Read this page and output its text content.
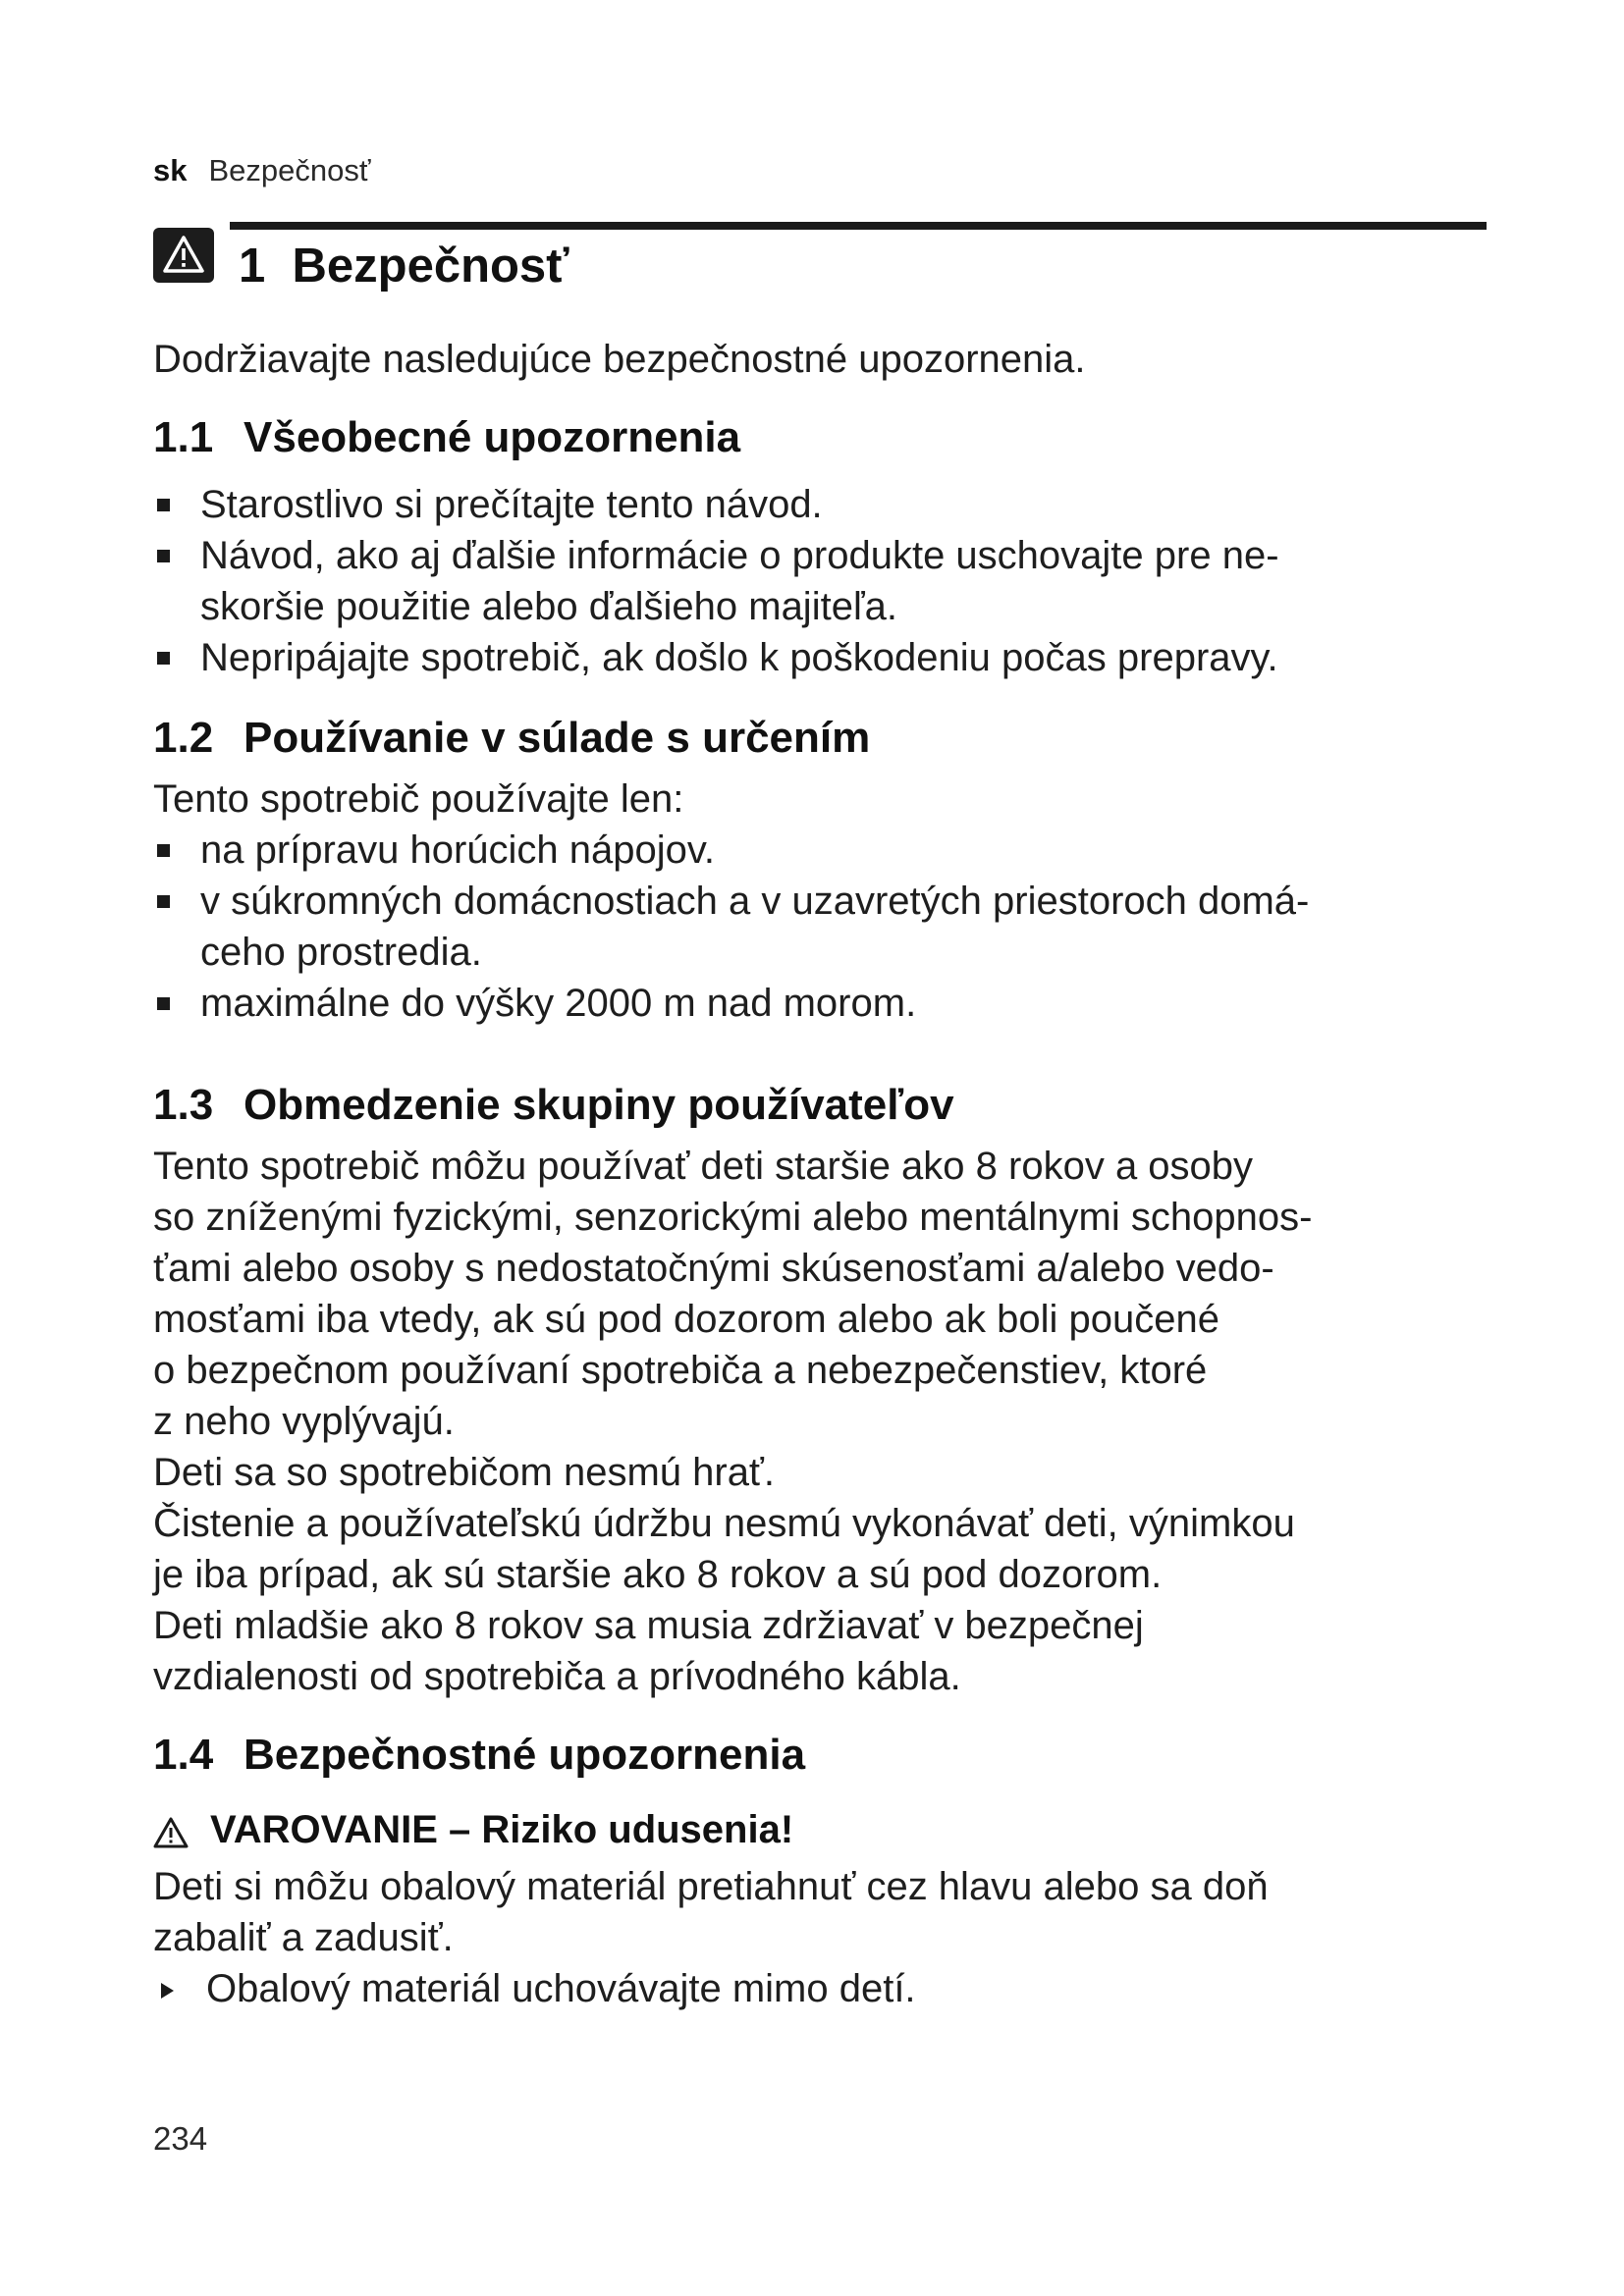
sk Bezpečnosť
1 Bezpečnosť

Dodržiavajte nasledujúce bezpečnostné upozornenia.

1.1 Všeobecné upozornenia
Starostlivo si prečítajte tento návod.
Návod, ako aj ďalšie informácie o produkte uschovajte pre ne-
skoršie použitie alebo ďalšieho majiteľa.
Nepripájajte spotrebič, ak došlo k poškodeniu počas prepravy.
1.2 Používanie v súlade s určením

Tento spotrebič používajte len:

na prípravu horúcich nápojov.
v súkromných domácnostiach a v uzavretých priestoroch domá-
ceho prostredia.
maximálne do výšky 2000 m nad morom.
1.3 Obmedzenie skupiny používateľov

Tento spotrebič môžu používať deti staršie ako 8 rokov a osoby

so zníženými fyzickými, senzorickými alebo mentálnymi schopnos-

ťami alebo osoby s nedostatočnými skúsenosťami a/alebo vedo-

mosťami iba vtedy, ak sú pod dozorom alebo ak boli poučené

o bezpečnom používaní spotrebiča a nebezpečenstiev, ktoré

z neho vyplývajú.

Deti sa so spotrebičom nesmú hrať.

Čistenie a používateľskú údržbu nesmú vykonávať deti, výnimkou

je iba prípad, ak sú staršie ako 8 rokov a sú pod dozorom.

Deti mladšie ako 8 rokov sa musia zdržiavať v bezpečnej

vzdialenosti od spotrebiča a prívodného kábla.

1.4 Bezpečnostné upozornenia
VAROVANIE – Riziko udusenia!

Deti si môžu obalový materiál pretiahnuť cez hlavu alebo sa doň

zabaliť a zadusiť.

Obalový materiál uchovávajte mimo detí.
234
